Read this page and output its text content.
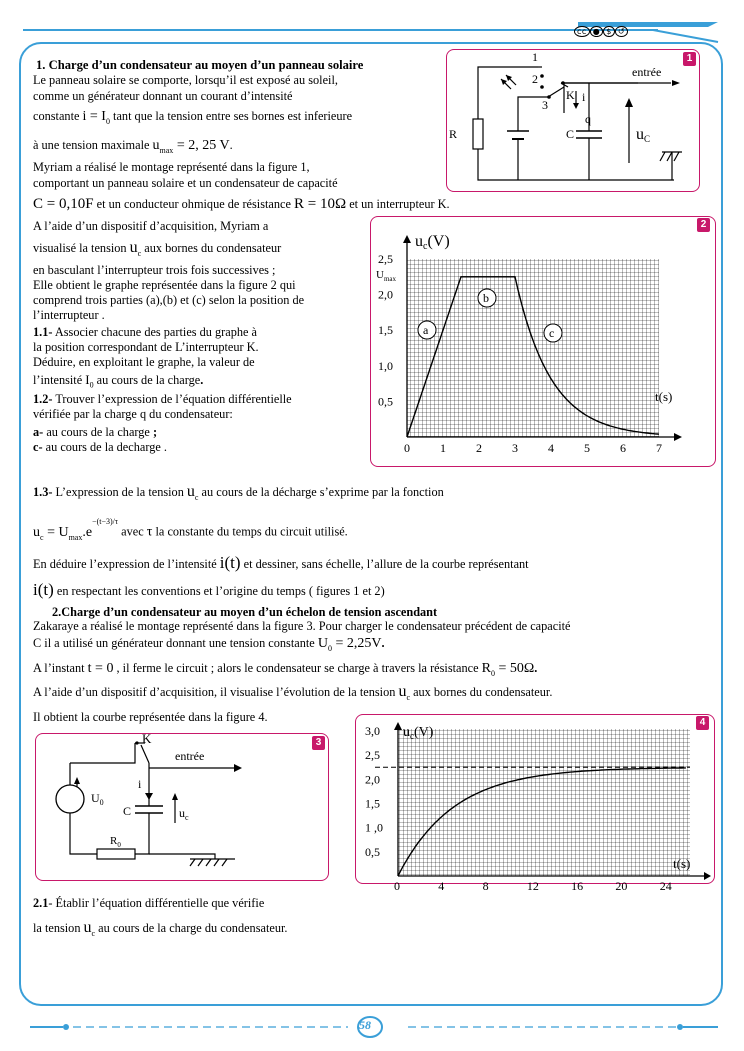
cc ● $ ↺
1. Charge d’un condensateur au moyen d’un panneau solaire
Le panneau solaire se comporte, lorsqu’il est exposé au soleil,
comme un générateur donnant un courant d’intensité
constante $i = I_0$ tant que la tension entre ses bornes est inferieure
à une tension maximale $u_{max} = 2$, 25 V.
Myriam a réalisé le montage représenté dans la figure 1,
comportant un panneau solaire et un condensateur de capacité
C = 0,10F et un conducteur ohmique de résistance R = 10Ω et un interrupteur K.
A l’aide d’un dispositif d’acquisition, Myriam a
visualisé la tension $u_c$ aux bornes du condensateur
en basculant l’interrupteur trois fois successives ;
Elle obtient le graphe représentée dans la figure 2 qui
comprend trois parties (a),(b) et (c) selon la position de
l’interrupteur .
1.1- Associer chacune des parties du graphe à
la position correspondant de L’interrupteur K.
Déduire, en exploitant le graphe, la valeur de
l’intensité $I_0$ au cours de la charge.
1.2- Trouver l’expression de l’équation différentielle
vérifiée par la charge q du condensateur:
a- au cours de la charge ;
c- au cours de la decharge .
1.3- L’expression de la tension $u_c$ au cours de la décharge s’exprime par la fonction
$u_c = U_{max}.e^{-(t-3)/\tau}$ avec τ la constante du temps du circuit utilisé.
En déduire l’expression de l’intensité i(t) et dessiner, sans échelle, l’allure de la courbe représentant
i(t) en respectant les conventions et l’origine du temps ( figures 1 et 2)
2.Charge d’un condensateur au moyen d’un échelon de tension ascendant
Zakaraye a réalisé le montage représenté dans la figure 3. Pour charger le condensateur précédent de capacité
C il a utilisé un générateur donnant une tension constante $U_0 = 2,25V$.
A l’instant t = 0 , il ferme le circuit ; alors le condensateur se charge à travers la résistance $R_0 = 50\Omega$.
A l’aide d’un dispositif d’acquisition, il visualise l’évolution de la tension $u_c$ aux bornes du condensateur.
Il obtient la courbe représentée dans la figure 4.
2.1- Établir l’équation différentielle que vérifie
la tension $u_c$ au cours de la charge du condensateur.
1
1
2
3
K i
q
C
R	uC
entrée
2
uc(V)
$U_{max}$
t(s)
2,5
2,0
1,5
1,0
0,5
0	1	2	3	4	5	6	7
a
b
c
3
K
entrée
i
C
$U_0$
$u_c$
$R_0$
4
$u_c(V)$
t(s)
3,0
2,5
2,0
1,5
1 ,0
0,5
0	4	8	12	16	20	24
58
